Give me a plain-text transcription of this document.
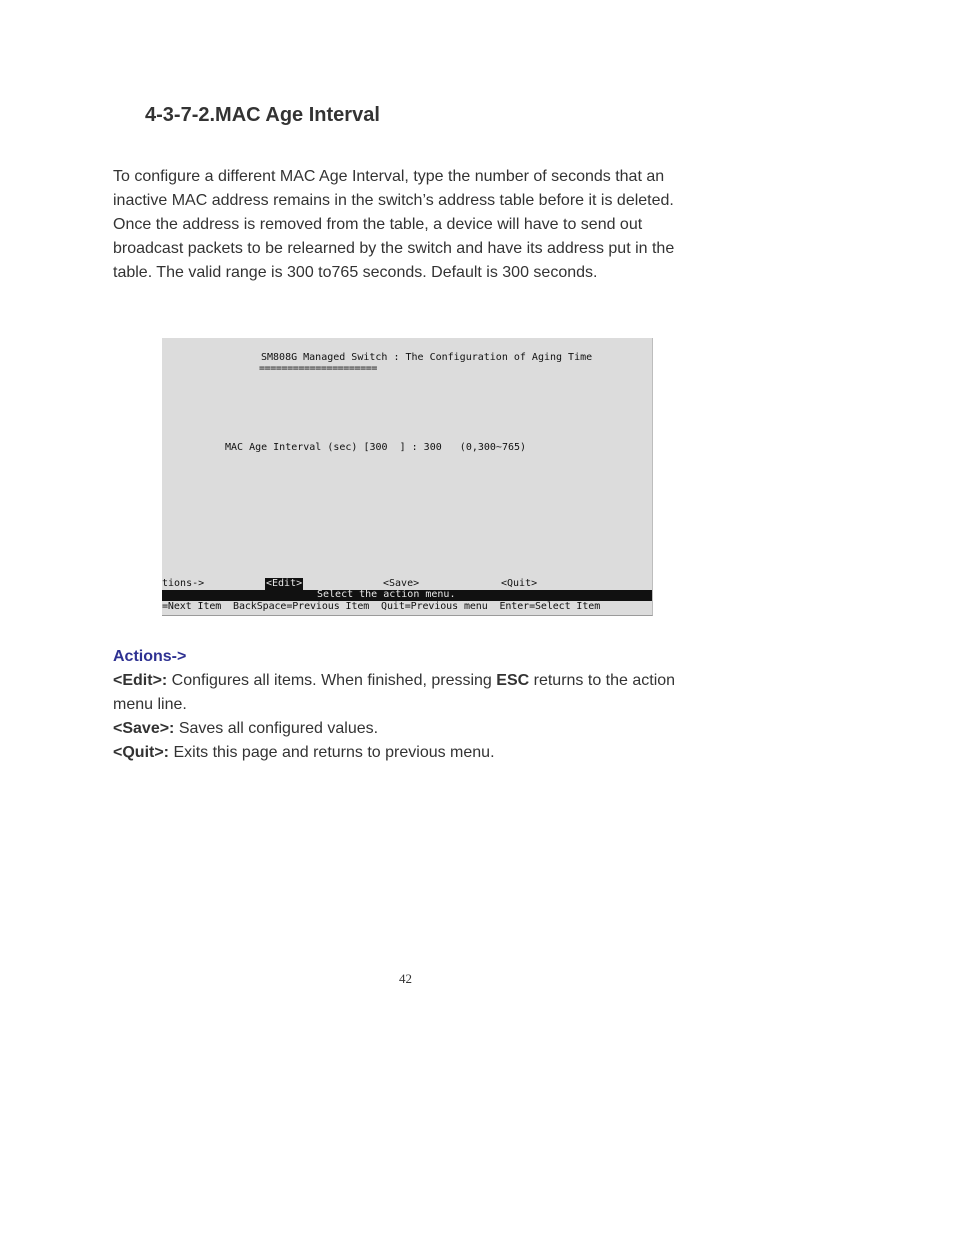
4-3-7-2.MAC Age Interval

To configure a different MAC Age Interval, type the number of seconds that an inactive MAC address remains in the switch’s address table before it is deleted. Once the address is removed from the table, a device will have to send out broadcast packets to be relearned by the switch and have its address put in the table. The valid range is 300 to765 seconds. Default is 300 seconds.

SM808G Managed Switch : The Configuration of Aging Time
=====================
MAC Age Interval (sec) [300  ] : 300   (0,300~765)
tions->	<Edit>	<Save>	<Quit>
Select the action menu.
=Next Item  BackSpace=Previous Item  Quit=Previous menu  Enter=Select Item
Actions->
<Edit>: Configures all items. When finished, pressing ESC returns to the action menu line.
<Save>: Saves all configured values.
<Quit>: Exits this page and returns to previous menu.
42
